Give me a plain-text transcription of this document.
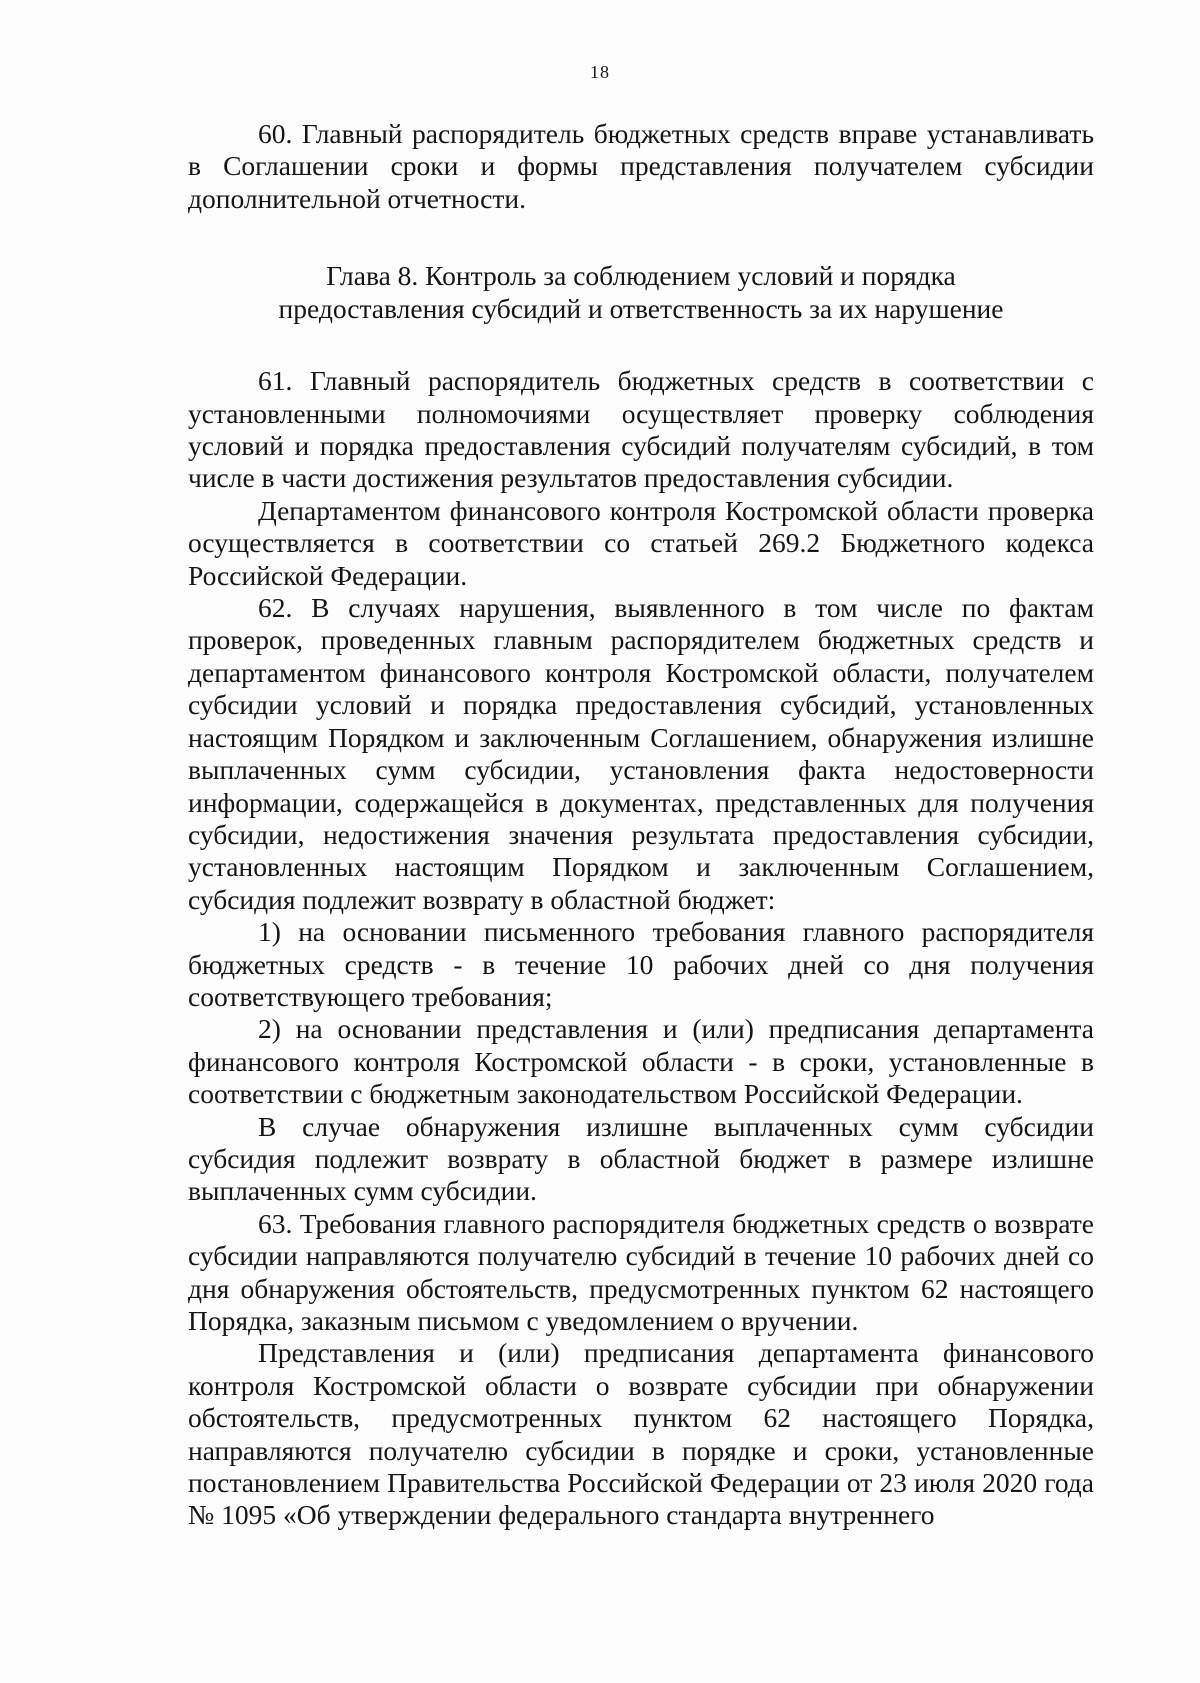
18

60. Главный распорядитель бюджетных средств вправе устанавливать в Соглашении сроки и формы представления получателем субсидии дополнительной отчетности.

Глава 8. Контроль за соблюдением условий и порядка
предоставления субсидий и ответственность за их нарушение

61. Главный распорядитель бюджетных средств в соответствии с установленными полномочиями осуществляет проверку соблюдения условий и порядка предоставления субсидий получателям субсидий, в том числе в части достижения результатов предоставления субсидии.

Департаментом финансового контроля Костромской области проверка осуществляется в соответствии со статьей 269.2 Бюджетного кодекса Российской Федерации.

62. В случаях нарушения, выявленного в том числе по фактам проверок, проведенных главным распорядителем бюджетных средств и департаментом финансового контроля Костромской области, получателем субсидии условий и порядка предоставления субсидий, установленных настоящим Порядком и заключенным Соглашением, обнаружения излишне выплаченных сумм субсидии, установления факта недостоверности информации, содержащейся в документах, представленных для получения субсидии, недостижения значения результата предоставления субсидии, установленных настоящим Порядком и заключенным Соглашением, субсидия подлежит возврату в областной бюджет:

1) на основании письменного требования главного распорядителя бюджетных средств - в течение 10 рабочих дней со дня получения соответствующего требования;

2) на основании представления и (или) предписания департамента финансового контроля Костромской области - в сроки, установленные в соответствии с бюджетным законодательством Российской Федерации.

В случае обнаружения излишне выплаченных сумм субсидии субсидия подлежит возврату в областной бюджет в размере излишне выплаченных сумм субсидии.

63. Требования главного распорядителя бюджетных средств о возврате субсидии направляются получателю субсидий в течение 10 рабочих дней со дня обнаружения обстоятельств, предусмотренных пунктом 62 настоящего Порядка, заказным письмом с уведомлением о вручении.

Представления и (или) предписания департамента финансового контроля Костромской области о возврате субсидии при обнаружении обстоятельств, предусмотренных пунктом 62 настоящего Порядка, направляются получателю субсидии в порядке и сроки, установленные постановлением Правительства Российской Федерации от 23 июля 2020 года № 1095 «Об утверждении федерального стандарта внутреннего
